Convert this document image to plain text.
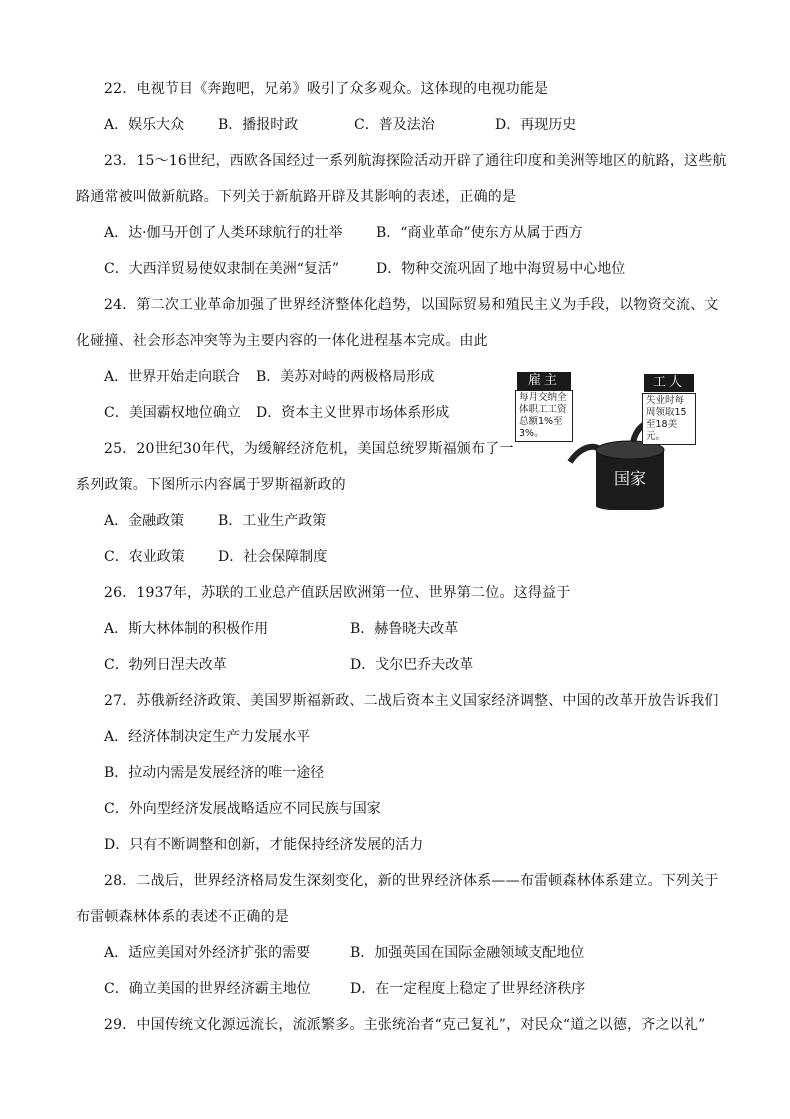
22．电视节目《奔跑吧，兄弟》吸引了众多观众。这体现的电视功能是
A．娱乐大众 B．播报时政	C．普及法治	D．再现历史
23．15～16世纪，西欧各国经过一系列航海探险活动开辟了通往印度和美洲等地区的航路，这些航
路通常被叫做新航路。下列关于新航路开辟及其影响的表述，正确的是
A．达·伽马开创了人类环球航行的壮举 B．“商业革命”使东方从属于西方
C．大西洋贸易使奴隶制在美洲“复活”	D．物种交流巩固了地中海贸易中心地位
24．第二次工业革命加强了世界经济整体化趋势，以国际贸易和殖民主义为手段，以物资交流、文
化碰撞、社会形态冲突等为主要内容的一体化进程基本完成。由此
A．世界开始走向联合 B．美苏对峙的两极格局形成
C．美国霸权地位确立 D．资本主义世界市场体系形成
雇主
每月交纳全体职工工资总额1%至3%。
工人
失业时每周领取15至18美元。
国家
25．20世纪30年代，为缓解经济危机，美国总统罗斯福颁布了一
系列政策。下图所示内容属于罗斯福新政的
A．金融政策 B．工业生产政策
C．农业政策 D．社会保障制度
26．1937年，苏联的工业总产值跃居欧洲第一位、世界第二位。这得益于
A．斯大林体制的积极作用	B．赫鲁晓夫改革
C．勃列日涅夫改革	D．戈尔巴乔夫改革
27．苏俄新经济政策、美国罗斯福新政、二战后资本主义国家经济调整、中国的改革开放告诉我们
A．经济体制决定生产力发展水平
B．拉动内需是发展经济的唯一途径
C．外向型经济发展战略适应不同民族与国家
D．只有不断调整和创新，才能保持经济发展的活力
28．二战后，世界经济格局发生深刻变化，新的世界经济体系——布雷顿森林体系建立。下列关于
布雷顿森林体系的表述不正确的是
A．适应美国对外经济扩张的需要	B．加强英国在国际金融领域支配地位
C．确立美国的世界经济霸主地位	D．在一定程度上稳定了世界经济秩序
29．中国传统文化源远流长，流派繁多。主张统治者“克己复礼”，对民众“道之以德，齐之以礼”
